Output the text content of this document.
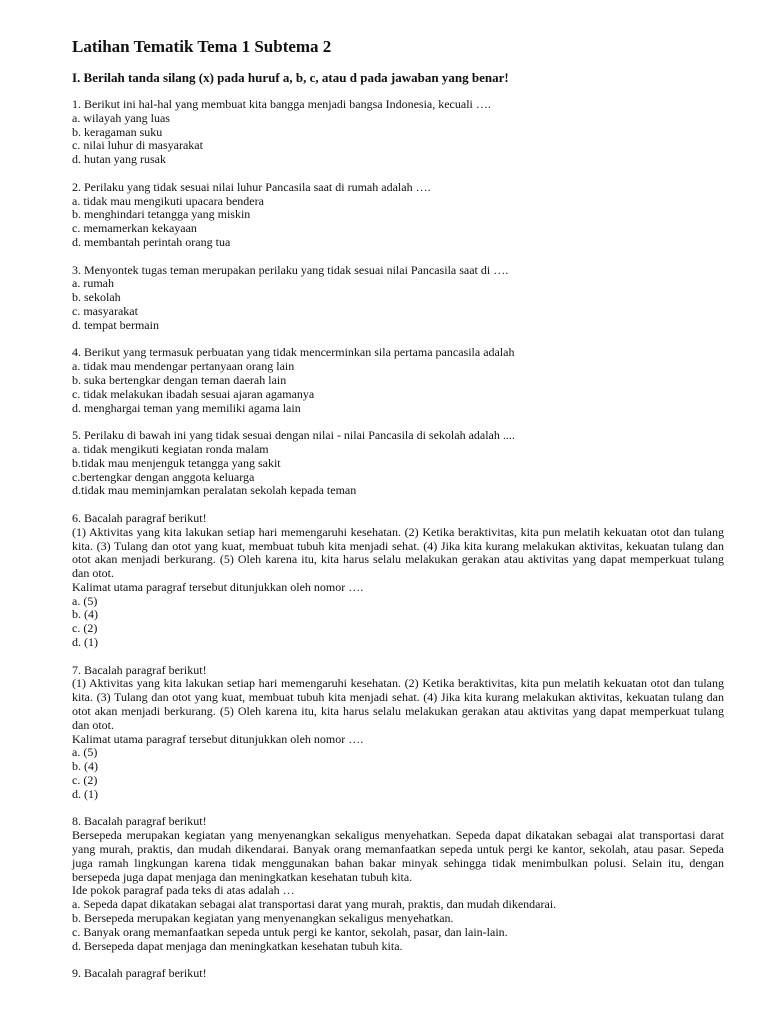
Latihan Tematik Tema 1 Subtema 2

I. Berilah tanda silang (x) pada huruf a, b, c, atau d pada jawaban yang benar!

1. Berikut ini hal-hal yang membuat kita bangga menjadi bangsa Indonesia, kecuali ….

a. wilayah yang luas

b. keragaman suku

c. nilai luhur di masyarakat

d. hutan yang rusak

2. Perilaku yang tidak sesuai nilai luhur Pancasila saat di rumah adalah ….

a. tidak mau mengikuti upacara bendera

b. menghindari tetangga yang miskin

c. memamerkan kekayaan

d. membantah perintah orang tua

3. Menyontek tugas teman merupakan perilaku yang tidak sesuai nilai Pancasila saat di ….

a. rumah

b. sekolah

c. masyarakat

d. tempat bermain

4. Berikut yang termasuk perbuatan yang tidak mencerminkan sila pertama pancasila adalah

a. tidak mau mendengar pertanyaan orang lain

b. suka bertengkar dengan teman daerah lain

c. tidak melakukan ibadah sesuai ajaran agamanya

d. menghargai teman yang memiliki agama lain

5. Perilaku di bawah ini yang tidak sesuai dengan nilai - nilai Pancasila di sekolah adalah ....

a. tidak mengikuti kegiatan ronda malam

b.tidak mau menjenguk tetangga yang sakit

c.bertengkar dengan anggota keluarga

d.tidak mau meminjamkan peralatan sekolah kepada teman

6. Bacalah paragraf berikut!

(1) Aktivitas yang kita lakukan setiap hari memengaruhi kesehatan. (2) Ketika beraktivitas, kita pun melatih kekuatan otot dan tulang kita. (3) Tulang dan otot yang kuat, membuat tubuh kita menjadi sehat. (4) Jika kita kurang melakukan aktivitas, kekuatan tulang dan otot akan menjadi berkurang. (5) Oleh karena itu, kita harus selalu melakukan gerakan atau aktivitas yang dapat memperkuat tulang dan otot.

Kalimat utama paragraf tersebut ditunjukkan oleh nomor ….

a. (5)

b. (4)

c. (2)

d. (1)

7. Bacalah paragraf berikut!

(1) Aktivitas yang kita lakukan setiap hari memengaruhi kesehatan. (2) Ketika beraktivitas, kita pun melatih kekuatan otot dan tulang kita. (3) Tulang dan otot yang kuat, membuat tubuh kita menjadi sehat. (4) Jika kita kurang melakukan aktivitas, kekuatan tulang dan otot akan menjadi berkurang. (5) Oleh karena itu, kita harus selalu melakukan gerakan atau aktivitas yang dapat memperkuat tulang dan otot.

Kalimat utama paragraf tersebut ditunjukkan oleh nomor ….

a. (5)

b. (4)

c. (2)

d. (1)

8. Bacalah paragraf berikut!

Bersepeda merupakan kegiatan yang menyenangkan sekaligus menyehatkan. Sepeda dapat dikatakan sebagai alat transportasi darat yang murah, praktis, dan mudah dikendarai. Banyak orang memanfaatkan sepeda untuk pergi ke kantor, sekolah, atau pasar. Sepeda juga ramah lingkungan karena tidak menggunakan bahan bakar minyak sehingga tidak menimbulkan polusi. Selain itu, dengan bersepeda juga dapat menjaga dan meningkatkan kesehatan tubuh kita.

Ide pokok paragraf pada teks di atas adalah …

a. Sepeda dapat dikatakan sebagai alat transportasi darat yang murah, praktis, dan mudah dikendarai.

b. Bersepeda merupakan kegiatan yang menyenangkan sekaligus menyehatkan.

c. Banyak orang memanfaatkan sepeda untuk pergi ke kantor, sekolah, pasar, dan lain-lain.

d. Bersepeda dapat menjaga dan meningkatkan kesehatan tubuh kita.

9. Bacalah paragraf berikut!
